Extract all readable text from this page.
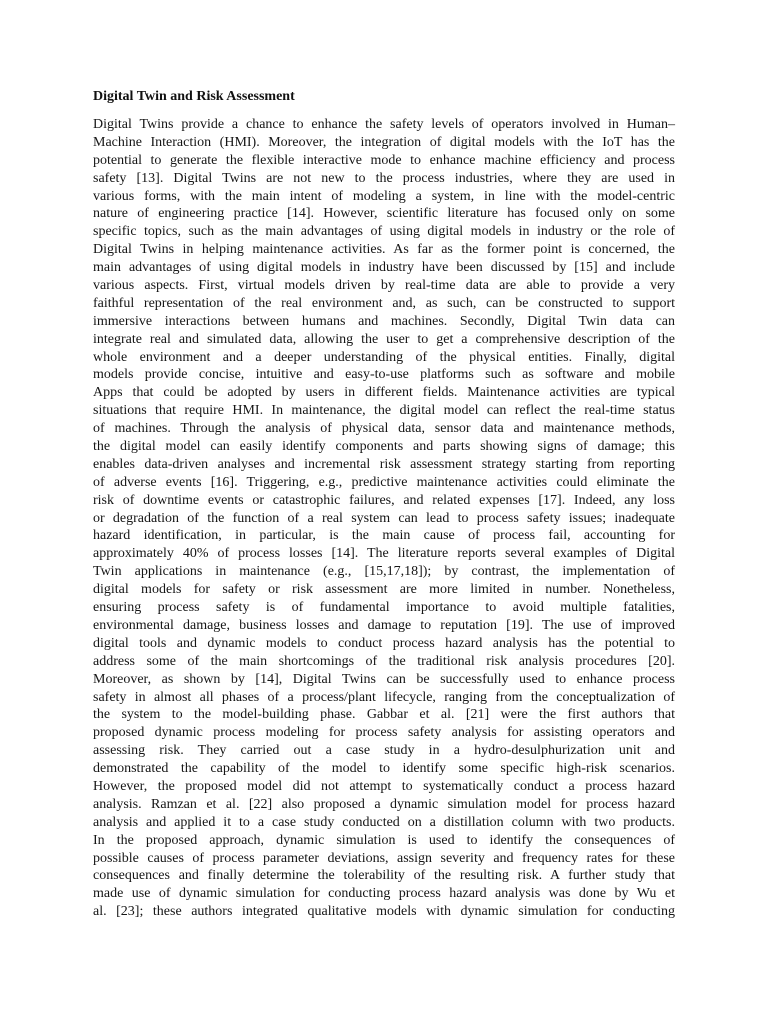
Digital Twin and Risk Assessment
Digital Twins provide a chance to enhance the safety levels of operators involved in Human–
Machine Interaction (HMI). Moreover, the integration of digital models with the IoT has the
potential to generate the flexible interactive mode to enhance machine efficiency and process
safety [13]. Digital Twins are not new to the process industries, where they are used in
various forms, with the main intent of modeling a system, in line with the model-centric
nature of engineering practice [14]. However, scientific literature has focused only on some
specific topics, such as the main advantages of using digital models in industry or the role of
Digital Twins in helping maintenance activities. As far as the former point is concerned, the
main advantages of using digital models in industry have been discussed by [15] and include
various aspects. First, virtual models driven by real-time data are able to provide a very
faithful representation of the real environment and, as such, can be constructed to support
immersive interactions between humans and machines. Secondly, Digital Twin data can
integrate real and simulated data, allowing the user to get a comprehensive description of the
whole environment and a deeper understanding of the physical entities. Finally, digital
models provide concise, intuitive and easy-to-use platforms such as software and mobile
Apps that could be adopted by users in different fields. Maintenance activities are typical
situations that require HMI. In maintenance, the digital model can reflect the real-time status
of machines. Through the analysis of physical data, sensor data and maintenance methods,
the digital model can easily identify components and parts showing signs of damage; this
enables data-driven analyses and incremental risk assessment strategy starting from reporting
of adverse events [16]. Triggering, e.g., predictive maintenance activities could eliminate the
risk of downtime events or catastrophic failures, and related expenses [17]. Indeed, any loss
or degradation of the function of a real system can lead to process safety issues; inadequate
hazard identification, in particular, is the main cause of process fail, accounting for
approximately 40% of process losses [14]. The literature reports several examples of Digital
Twin applications in maintenance (e.g., [15,17,18]); by contrast, the implementation of
digital models for safety or risk assessment are more limited in number. Nonetheless,
ensuring process safety is of fundamental importance to avoid multiple fatalities,
environmental damage, business losses and damage to reputation [19]. The use of improved
digital tools and dynamic models to conduct process hazard analysis has the potential to
address some of the main shortcomings of the traditional risk analysis procedures [20].
Moreover, as shown by [14], Digital Twins can be successfully used to enhance process
safety in almost all phases of a process/plant lifecycle, ranging from the conceptualization of
the system to the model-building phase. Gabbar et al. [21] were the first authors that
proposed dynamic process modeling for process safety analysis for assisting operators and
assessing risk. They carried out a case study in a hydro-desulphurization unit and
demonstrated the capability of the model to identify some specific high-risk scenarios.
However, the proposed model did not attempt to systematically conduct a process hazard
analysis. Ramzan et al. [22] also proposed a dynamic simulation model for process hazard
analysis and applied it to a case study conducted on a distillation column with two products.
In the proposed approach, dynamic simulation is used to identify the consequences of
possible causes of process parameter deviations, assign severity and frequency rates for these
consequences and finally determine the tolerability of the resulting risk. A further study that
made use of dynamic simulation for conducting process hazard analysis was done by Wu et
al. [23]; these authors integrated qualitative models with dynamic simulation for conducting
